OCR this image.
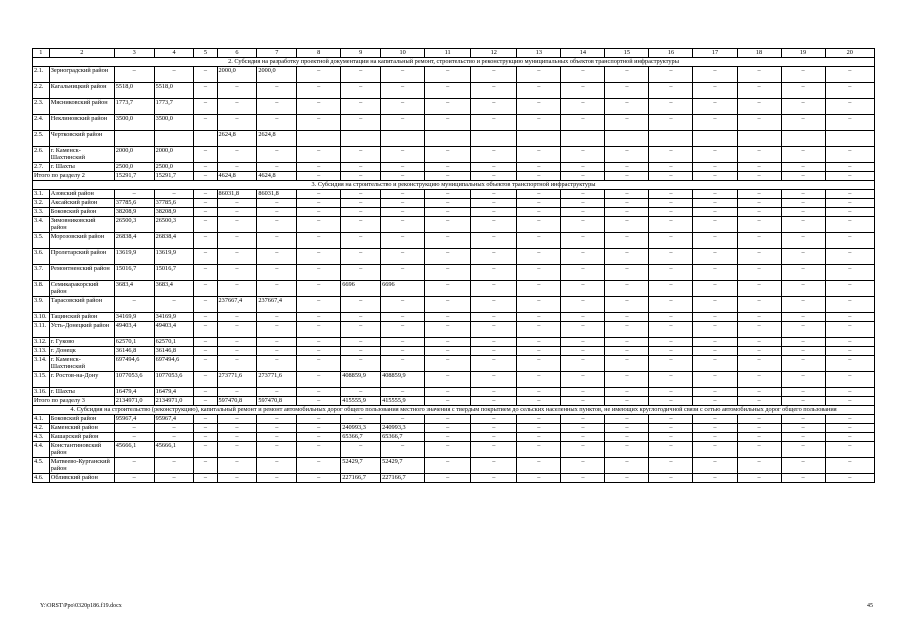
1	2	3	4	5	6	7	8	9	10	11	12	13	14	15	16	17	18	19	20
2. Субсидия на разработку проектной документации на капитальный ремонт, строительство и реконструкцию муниципальных объектов транспортной инфраструктуры																			
2.1.	Зерноградский район	–	–	–	2000,0	2000,0	–	–	–	–	–	–	–	–	–	–	–	–	–
2.2.	Кагальницкий район	5518,0	5518,0	–	–	–	–	–	–	–	–	–	–	–	–	–	–	–	–
2.3.	Мясниковский район	1773,7	1773,7	–	–	–	–	–	–	–	–	–	–	–	–	–	–	–	–
2.4.	Неклиновский район	3500,0	3500,0	–	–	–	–	–	–	–	–	–	–	–	–	–	–	–	–
2.5.	Чертковский район				2624,8	2624,8													
2.6.	г. Каменск-Шахтинский	2000,0	2000,0	–	–	–	–	–	–	–	–	–	–	–	–	–	–	–	–
2.7.	г. Шахты	2500,0	2500,0	–	–	–	–	–	–	–	–	–	–	–	–	–	–	–	–
Итого по разделу 2		15291,7	15291,7	–	4624,8	4624,8	–	–	–	–	–	–	–	–	–	–	–	–	–
3. Субсидия на строительство и реконструкцию муниципальных объектов транспортной инфраструктуры																			
3.1.	Азовский район	–	–	–	86031,8	86031,8	–	–	–	–	–	–	–	–	–	–	–	–	–
3.2.	Аксайский район	37785,6	37785,6	–	–	–	–	–	–	–	–	–	–	–	–	–	–	–	–
3.3.	Боковский район	38208,9	38208,9	–	–	–	–	–	–	–	–	–	–	–	–	–	–	–	–
3.4.	Зимовниковский район	26500,3	26500,3	–	–	–	–	–	–	–	–	–	–	–	–	–	–	–	–
3.5.	Морозовский район	26838,4	26838,4	–	–	–	–	–	–	–	–	–	–	–	–	–	–	–	–
3.6.	Пролетарский район	13619,9	13619,9	–	–	–	–	–	–	–	–	–	–	–	–	–	–	–	–
3.7.	Ремонтненский район	15016,7	15016,7	–	–	–	–	–	–	–	–	–	–	–	–	–	–	–	–
3.8.	Семикаракорский район	3683,4	3683,4	–	–	–	–	6696	6696	–	–	–	–	–	–	–	–	–	–
3.9.	Тарасовский район	–	–	–	237667,4	237667,4	–	–	–	–	–	–	–	–	–	–	–	–	–
3.10.	Тацинский район	34169,9	34169,9	–	–	–	–	–	–	–	–	–	–	–	–	–	–	–	–
3.11.	Усть-Донецкий район	49403,4	49403,4	–	–	–	–	–	–	–	–	–	–	–	–	–	–	–	–
3.12.	г. Гуково	62570,1	62570,1	–	–	–	–	–	–	–	–	–	–	–	–	–	–	–	–
3.13.	г. Донецк	36146,8	36146,8	–	–	–	–	–	–	–	–	–	–	–	–	–	–	–	–
3.14.	г. Каменск-Шахтинский	697494,6	697494,6	–	–	–	–	–	–	–	–	–	–	–	–	–	–	–	–
3.15.	г. Ростов-на-Дону	1077053,6	1077053,6	–	273771,6	273771,6	–	408859,9	408859,9	–	–	–	–	–	–	–	–	–	–
3.16.	г. Шахты	16479,4	16479,4	–	–	–	–	–	–	–	–	–	–	–	–	–	–	–	–
Итого по разделу 3		2134971,0	2134971,0	–	597470,8	597470,8	–	415555,9	415555,9	–	–	–	–	–	–	–	–	–	–
4. Субсидия на строительство (реконструкцию), капитальный ремонт и ремонт автомобильных дорог общего пользования местного значения с твердым покрытием до сельских населенных пунктов, не имеющих круглогодичной связи с сетью автомобильных дорог общего пользования																			
4.1.	Боковский район	95967,4	95967,4	–	–	–	–	–	–	–	–	–	–	–	–	–	–	–	–
4.2.	Каменский район	–	–	–	–	–	–	240993,3	240993,3	–	–	–	–	–	–	–	–	–	–
4.3.	Кашарский район	–	–	–	–	–	–	65366,7	65366,7	–	–	–	–	–	–	–	–	–	–
4.4.	Константиновский район	45666,1	45666,1	–	–	–	–	–	–	–	–	–	–	–	–	–	–	–	–
4.5.	Матвеево-Курганский район	–	–	–	–	–	–	52429,7	52429,7	–	–	–	–	–	–	–	–	–	–
4.6.	Обливский район	–	–	–	–	–	–	227166,7	227166,7	–	–	–	–	–	–	–	–	–	–
Y:\ORST\Ppo\0320p186.f19.docx	45
